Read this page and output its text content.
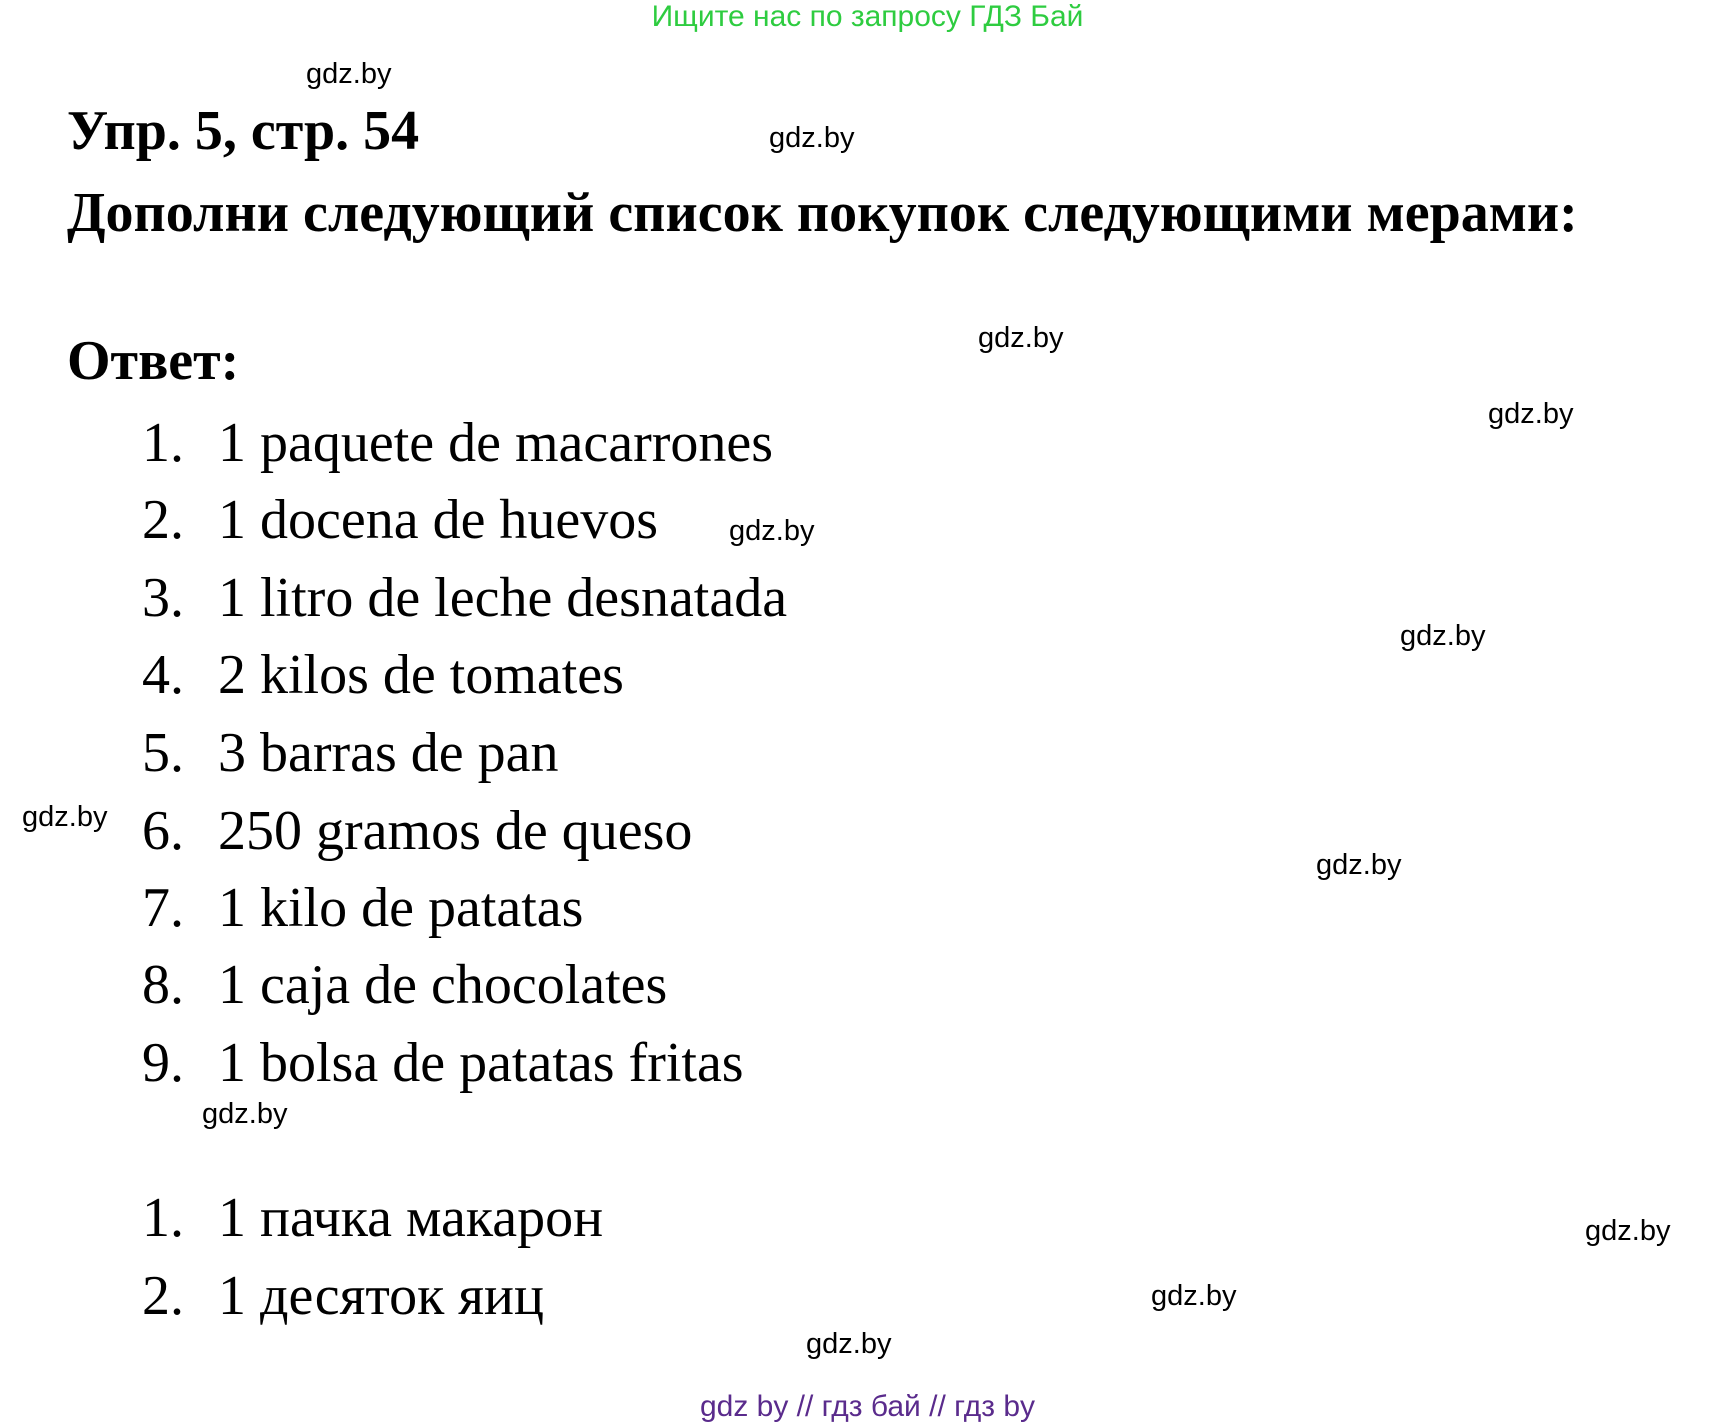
Ищите нас по запросу ГДЗ Бай
gdz.by
gdz.by
gdz.by
gdz.by
gdz.by
gdz.by
gdz.by
gdz.by
gdz.by
gdz.by
gdz.by
gdz.by
Упр. 5, стр. 54
Дополни следующий список покупок следующими мерами:
Ответ:
1. 1 paquete de macarrones
2. 1 docena de huevos
3. 1 litro de leche desnatada
4. 2 kilos de tomates
5. 3 barras de pan
6. 250 gramos de queso
7. 1 kilo de patatas
8. 1 caja de chocolates
9. 1 bolsa de patatas fritas
1. 1 пачка макарон
2. 1 десяток яиц
gdz by // гдз бай // гдз by
